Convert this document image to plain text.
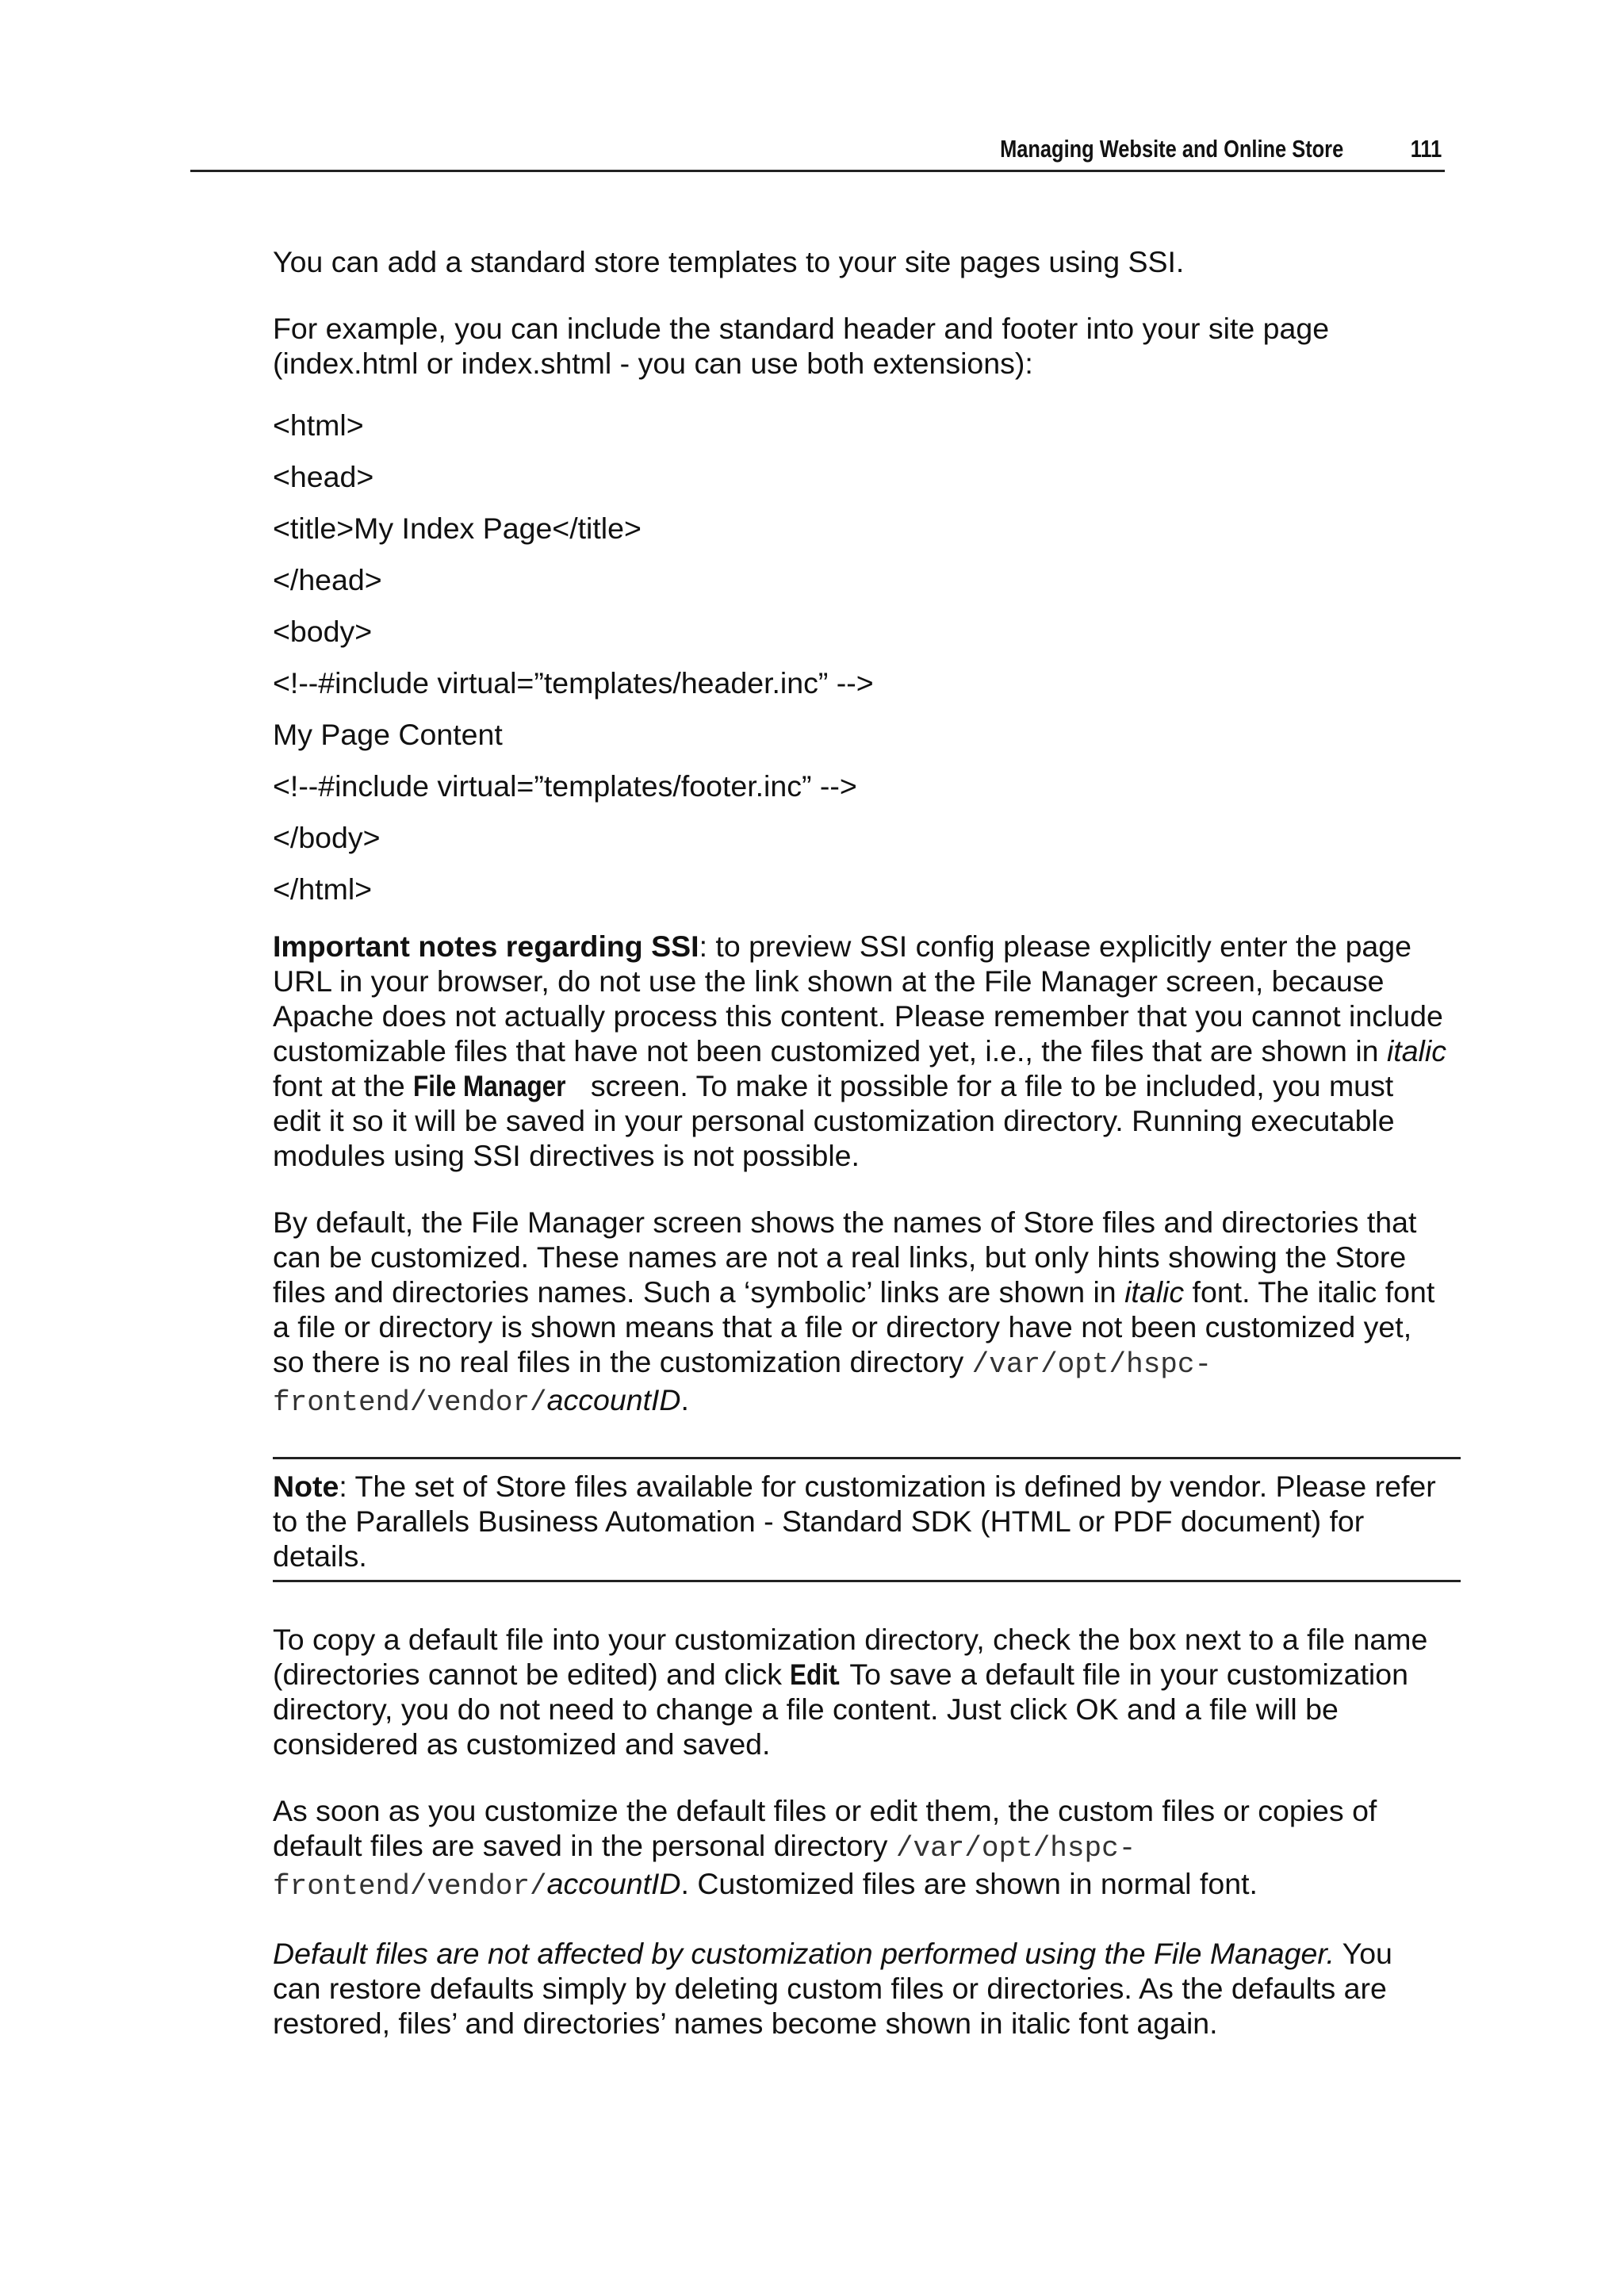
Managing Website and Online Store	111

You can add a standard store templates to your site pages using SSI.

For example, you can include the standard header and footer into your site page
(index.html or index.shtml - you can use both extensions):

<html>
<head>
<title>My Index Page</title>
</head>
<body>
<!--#include virtual=”templates/header.inc” -->
My Page Content
<!--#include virtual=”templates/footer.inc” -->
</body>
</html>

Important notes regarding SSI: to preview SSI config please explicitly enter the page URL in your browser, do not use the link shown at the File Manager screen, because Apache does not actually process this content. Please remember that you cannot include customizable files that have not been customized yet, i.e., the files that are shown in italic font at the File Manager screen. To make it possible for a file to be included, you must edit it so it will be saved in your personal customization directory. Running executable modules using SSI directives is not possible.

By default, the File Manager screen shows the names of Store files and directories that can be customized. These names are not a real links, but only hints showing the Store files and directories names. Such a ‘symbolic’ links are shown in italic font. The italic font a file or directory is shown means that a file or directory have not been customized yet, so there is no real files in the customization directory /var/opt/hspc-
frontend/vendor/accountID.

Note: The set of Store files available for customization is defined by vendor. Please refer to the Parallels Business Automation - Standard SDK (HTML or PDF document) for details.

To copy a default file into your customization directory, check the box next to a file name (directories cannot be edited) and click Edit. To save a default file in your customization directory, you do not need to change a file content. Just click OK and a file will be considered as customized and saved.

As soon as you customize the default files or edit them, the custom files or copies of default files are saved in the personal directory /var/opt/hspc-
frontend/vendor/accountID. Customized files are shown in normal font.

Default files are not affected by customization performed using the File Manager. You can restore defaults simply by deleting custom files or directories. As the defaults are restored, files’ and directories’ names become shown in italic font again.
